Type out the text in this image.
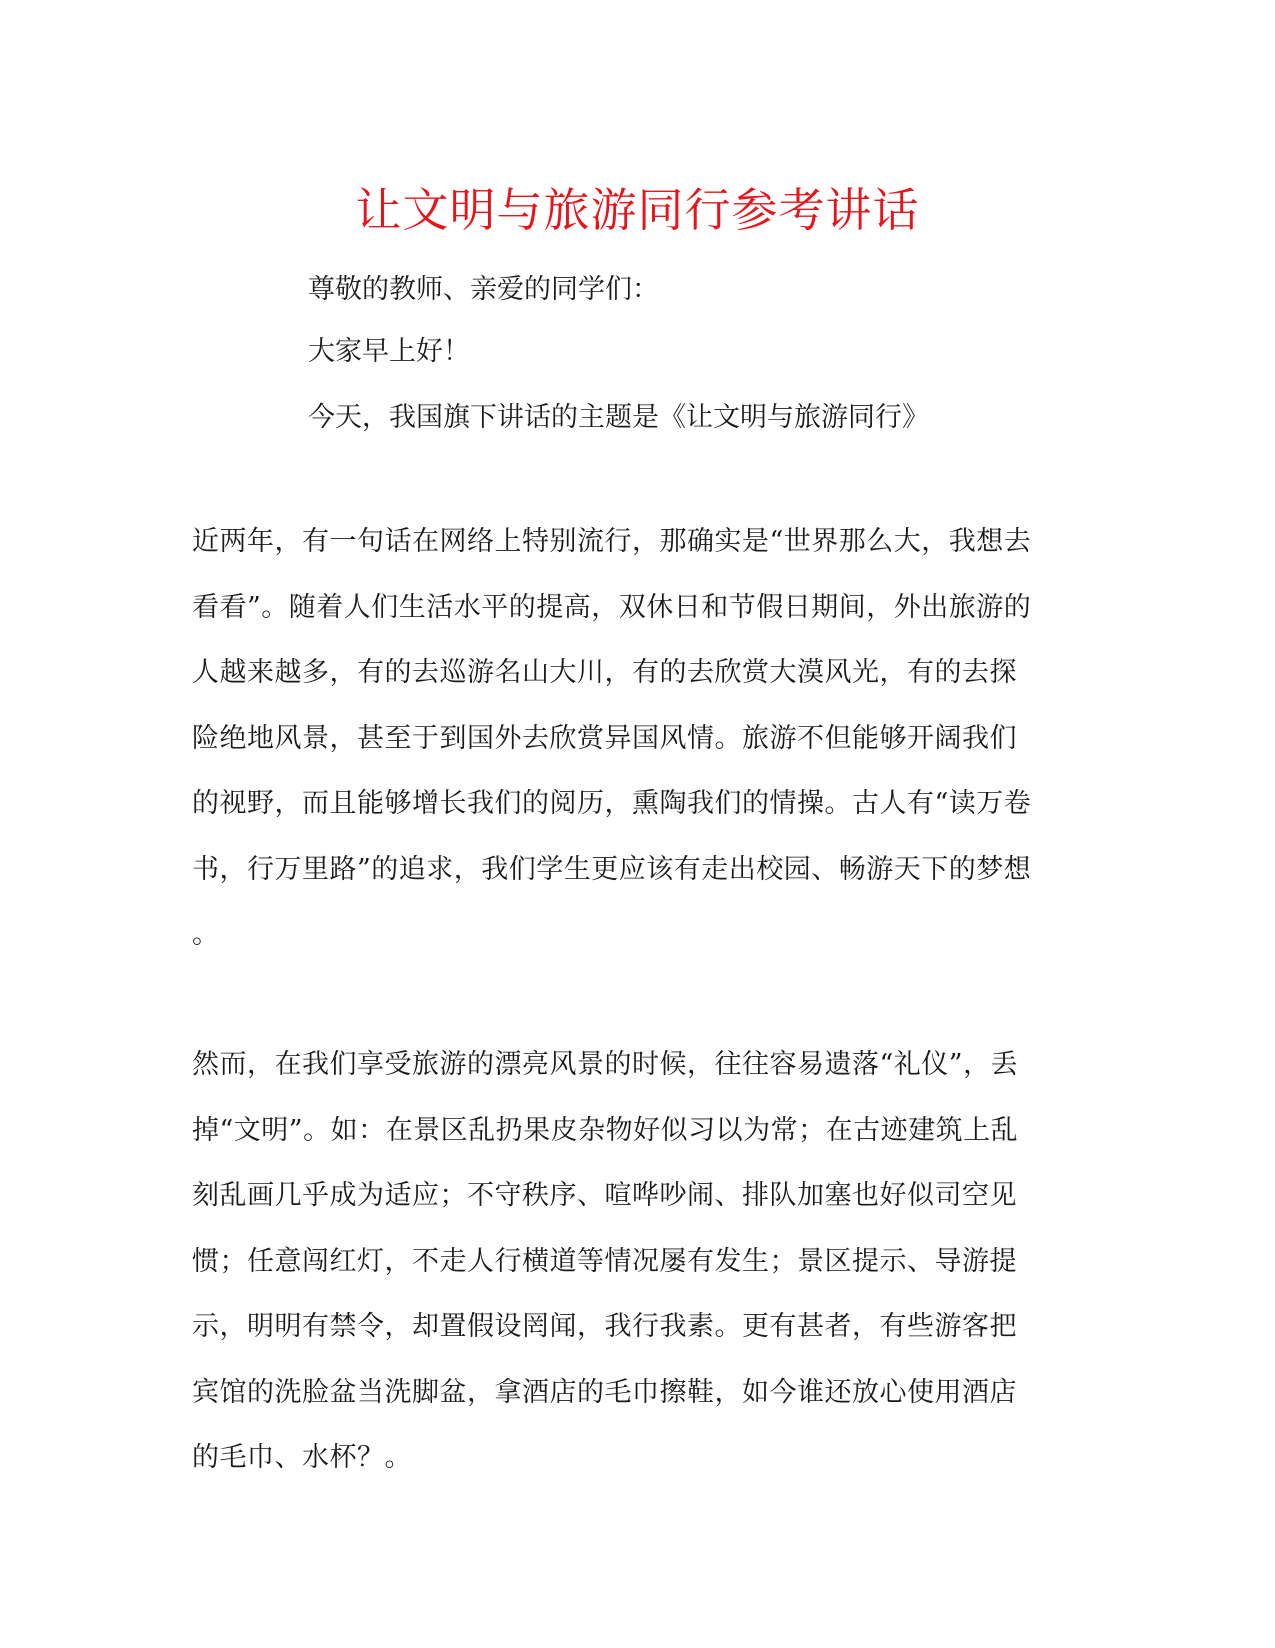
让文明与旅游同行参考讲话
尊敬的教师、亲爱的同学们：
大家早上好！
今天，我国旗下讲话的主题是《让文明与旅游同行》
近两年，有一句话在网络上特别流行，那确实是“世界那么大，我想去
看看”。随着人们生活水平的提高，双休日和节假日期间，外出旅游的
人越来越多，有的去巡游名山大川，有的去欣赏大漠风光，有的去探
险绝地风景，甚至于到国外去欣赏异国风情。旅游不但能够开阔我们
的视野，而且能够增长我们的阅历，熏陶我们的情操。古人有“读万卷
书，行万里路”的追求，我们学生更应该有走出校园、畅游天下的梦想
。
然而，在我们享受旅游的漂亮风景的时候，往往容易遗落“礼仪”，丢
掉“文明”。如：在景区乱扔果皮杂物好似习以为常；在古迹建筑上乱
刻乱画几乎成为适应；不守秩序、喧哗吵闹、排队加塞也好似司空见
惯；任意闯红灯，不走人行横道等情况屡有发生；景区提示、导游提
示，明明有禁令，却置假设罔闻，我行我素。更有甚者，有些游客把
宾馆的洗脸盆当洗脚盆，拿酒店的毛巾擦鞋，如今谁还放心使用酒店
的毛巾、水杯？。
